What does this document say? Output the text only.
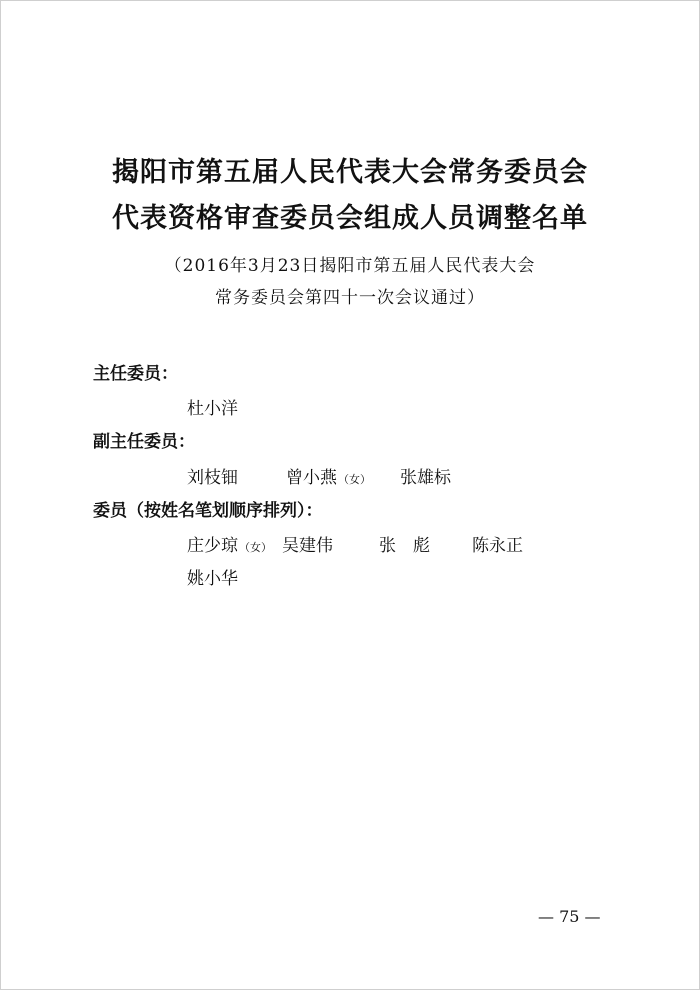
揭阳市第五届人民代表大会常务委员会
代表资格审查委员会组成人员调整名单
（2016年3月23日揭阳市第五届人民代表大会
常务委员会第四十一次会议通过）
主任委员：
杜小洋
副主任委员：
刘枝钿	曾小燕（女） 张雄标
委员（按姓名笔划顺序排列）：
庄少琼（女） 吴建伟	张　彪 陈永正
姚小华
— 75 —
